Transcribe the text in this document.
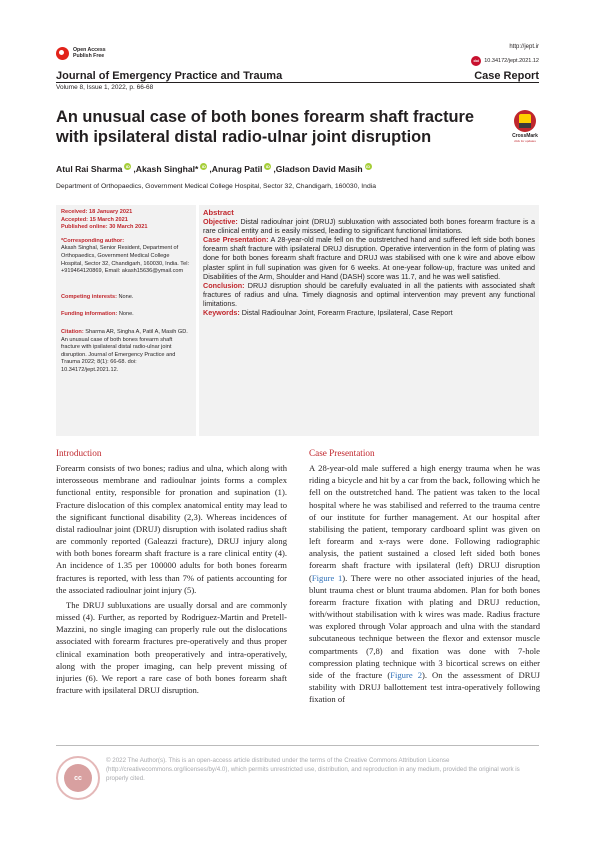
Open Access
Publish Free
http://jept.ir
doi 10.34172/jept.2021.12
Journal of Emergency Practice and Trauma	Case Report
Volume 8, Issue 1, 2022, p. 66-68
An unusual case of both bones forearm shaft fracture with ipsilateral distal radio-ulnar joint disruption	CrossMark
click for updates
Atul Rai Sharma iD , Akash Singhal* iD , Anurag Patil iD , Gladson David Masih iD
Department of Orthopaedics, Government Medical College Hospital, Sector 32, Chandigarh, 160030, India
Received: 18 January 2021
Accepted: 15 March 2021
Published online: 30 March 2021
*Corresponding author:
Akash Singhal, Senior Resident, Department of Orthopaedics, Government Medical College Hospital, Sector 32, Chandigarh, 160030, India. Tel: +919464120869, Email: akash15636@ymail.com
Competing interests: None.
Funding information: None.
Citation: Sharma AR, Singha A, Patil A, Masih GD. An unusual case of both bones forearm shaft fracture with ipsilateral distal radio-ulnar joint disruption. Journal of Emergency Practice and Trauma 2022; 8(1): 66-68. doi: 10.34172/jept.2021.12.
Abstract

Objective: Distal radioulnar joint (DRUJ) subluxation with associated both bones forearm fracture is a rare clinical entity and is easily missed, leading to significant functional limitations.

Case Presentation: A 28-year-old male fell on the outstretched hand and suffered left side both bones forearm shaft fracture with ipsilateral DRUJ disruption. Operative intervention in the form of plating was done for both bones forearm shaft fracture and DRUJ was stabilised with one k wire and above elbow plaster splint in full supination was given for 6 weeks. At one-year follow-up, fracture was united and Disabilities of the Arm, Shoulder and Hand (DASH) score was 11.7, and he was well satisfied.

Conclusion: DRUJ disruption should be carefully evaluated in all the patients with associated shaft fractures of radius and ulna. Timely diagnosis and optimal intervention may prevent any functional limitations.

Keywords: Distal Radioulnar Joint, Forearm Fracture, Ipsilateral, Case Report

Introduction

Forearm consists of two bones; radius and ulna, which along with interosseous membrane and radioulnar joints forms a complex functional entity, responsible for pronation and supination (1). Fracture dislocation of this complex anatomical entity may lead to the significant functional disability (2,3). Whereas incidences of distal radioulnar joint (DRUJ) disruption with isolated radius shaft are commonly reported (Galeazzi fracture), DRUJ injury along with both bones forearm shaft fracture is a rare clinical entity (4). An incidence of 1.35 per 100000 adults for both bones forearm fractures is reported, with less than 7% of patients accounting for the associated radioulnar joint injury (5).

The DRUJ subluxations are usually dorsal and are commonly missed (4). Further, as reported by Rodriguez-Martin and Pretell-Mazzini, no single imaging can properly rule out the dislocations associated with forearm fractures pre-operatively and thus proper clinical examination both preoperatively and intra-operatively, along with the proper imaging, can help prevent missing of injuries (6). We report a rare case of both bones forearm shaft fracture with ipsilateral DRUJ disruption.

Case Presentation

A 28-year-old male suffered a high energy trauma when he was riding a bicycle and hit by a car from the back, following which he fell on the outstretched hand. The patient was taken to the local hospital where he was stabilised and referred to the trauma centre of our institute for further management. At our hospital after stabilising the patient, temporary cardboard splint was given on left forearm and x-rays were done. Following radiographic analysis, the patient sustained a closed left sided both bones forearm shaft fracture with ipsilateral (left) DRUJ disruption (Figure 1). There were no other associated injuries of the head, blunt trauma chest or blunt trauma abdomen. Plan for both bones forearm fracture fixation with plating and DRUJ reduction, with/without stabilisation with k wires was made. Radius fracture was explored through Volar approach and ulna with the standard subcutaneous technique between the flexor and extensor muscle compartments (7,8) and fixation was done with 7-hole compression plating technique with 3 bicortical screws on either side of the fracture (Figure 2). On the assessment of DRUJ stability with DRUJ ballottement test intra-operatively following fixation of

cc
© 2022 The Author(s). This is an open-access article distributed under the terms of the Creative Commons Attribution License (http://creativecommons.org/licenses/by/4.0), which permits unrestricted use, distribution, and reproduction in any medium, provided the original work is properly cited.
